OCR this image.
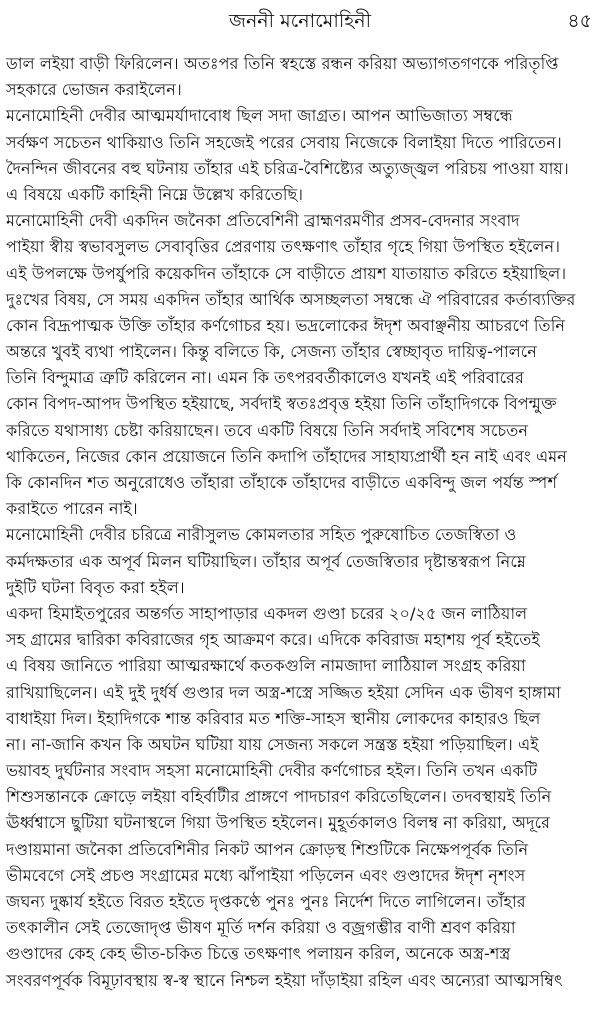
জননী মনোমোহিনী	৪৫
ডাল লইয়া বাড়ী ফিরিলেন। অতঃপর তিনি স্বহস্তে রন্ধন করিয়া অভ্যাগতগণকে পরিতৃপ্তি
সহকারে ভোজন করাইলেন।
মনোমোহিনী দেবীর আত্মমর্যাদাবোধ ছিল সদা জাগ্রত। আপন আভিজাত্য সম্বন্ধে
সর্বক্ষণ সচেতন থাকিয়াও তিনি সহজেই পরের সেবায় নিজেকে বিলাইয়া দিতে পারিতেন।
দৈনন্দিন জীবনের বহু ঘটনায় তাঁহার এই চরিত্র-বৈশিষ্ট্যের অত্যুজ্জ্বল পরিচয় পাওয়া যায়।
এ বিষয়ে একটি কাহিনী নিম্নে উল্লেখ করিতেছি।
মনোমোহিনী দেবী একদিন জনৈকা প্রতিবেশিনী ব্রাহ্মণরমণীর প্রসব-বেদনার সংবাদ
পাইয়া স্বীয় স্বভাবসুলভ সেবাবৃত্তির প্রেরণায় তৎক্ষণাৎ তাঁহার গৃহে গিয়া উপস্থিত হইলেন।
এই উপলক্ষে উপর্যুপরি কয়েকদিন তাঁহাকে সে বাড়ীতে প্রায়শ যাতায়াত করিতে হইয়াছিল।
দুঃখের বিষয়, সে সময় একদিন তাঁহার আর্থিক অসচ্ছলতা সম্বন্ধে ঐ পরিবারের কর্তাব্যক্তির
কোন বিদ্রূপাত্মক উক্তি তাঁহার কর্ণগোচর হয়। ভদ্রলোকের ঈদৃশ অবাঞ্ছনীয় আচরণে তিনি
অন্তরে খুবই ব্যথা পাইলেন। কিন্তু বলিতে কি, সেজন্য তাঁহার স্বেচ্ছাবৃত দায়িত্ব-পালনে
তিনি বিন্দুমাত্র ত্রুটি করিলেন না। এমন কি তৎপরবর্তীকালেও যখনই এই পরিবারের
কোন বিপদ-আপদ উপস্থিত হইয়াছে, সর্বদাই স্বতঃপ্রবৃত্ত হইয়া তিনি তাঁহাদিগকে বিপন্মুক্ত
করিতে যথাসাধ্য চেষ্টা করিয়াছেন। তবে একটি বিষয়ে তিনি সর্বদাই সবিশেষ সচেতন
থাকিতেন, নিজের কোন প্রয়োজনে তিনি কদাপি তাঁহাদের সাহায্যপ্রার্থী হন নাই এবং এমন
কি কোনদিন শত অনুরোধেও তাঁহারা তাঁহাকে তাঁহাদের বাড়ীতে একবিন্দু জল পর্যন্ত স্পর্শ
করাইতে পারেন নাই।
মনোমোহিনী দেবীর চরিত্রে নারীসুলভ কোমলতার সহিত পুরুষোচিত তেজস্বিতা ও
কর্মদক্ষতার এক অপূর্ব মিলন ঘটিয়াছিল। তাঁহার অপূর্ব তেজস্বিতার দৃষ্টান্তস্বরূপ নিম্নে
দুইটি ঘটনা বিবৃত করা হইল।
একদা হিমাইতপুরের অন্তর্গত সাহাপাড়ার একদল গুণ্ডা চরের ২০/২৫ জন লাঠিয়াল
সহ গ্রামের দ্বারিকা কবিরাজের গৃহ আক্রমণ করে। এদিকে কবিরাজ মহাশয় পূর্ব হইতেই
এ বিষয় জানিতে পারিয়া আত্মরক্ষার্থে কতকগুলি নামজাদা লাঠিয়াল সংগ্রহ করিয়া
রাখিয়াছিলেন। এই দুই দুর্ধর্ষ গুণ্ডার দল অস্ত্র-শস্ত্রে সজ্জিত হইয়া সেদিন এক ভীষণ হাঙ্গামা
বাধাইয়া দিল। ইহাদিগকে শান্ত করিবার মত শক্তি-সাহস স্থানীয় লোকদের কাহারও ছিল
না। না-জানি কখন কি অঘটন ঘটিয়া যায় সেজন্য সকলে সন্ত্রস্ত হইয়া পড়িয়াছিল। এই
ভয়াবহ দুর্ঘটনার সংবাদ সহসা মনোমোহিনী দেবীর কর্ণগোচর হইল। তিনি তখন একটি
শিশুসন্তানকে ক্রোড়ে লইয়া বহির্বাটীর প্রাঙ্গণে পাদচারণ করিতেছিলেন। তদবস্থায়ই তিনি
ঊর্ধ্বশ্বাসে ছুটিয়া ঘটনাস্থলে গিয়া উপস্থিত হইলেন। মুহূর্তকালও বিলম্ব না করিয়া, অদূরে
দণ্ডায়মানা জনৈকা প্রতিবেশিনীর নিকট আপন ক্রোড়স্থ শিশুটিকে নিক্ষেপপূর্বক তিনি
ভীমবেগে সেই প্রচণ্ড সংগ্রামের মধ্যে ঝাঁপাইয়া পড়িলেন এবং গুণ্ডাদের ঈদৃশ নৃশংস
জঘন্য দুষ্কার্য হইতে বিরত হইতে দৃপ্তকণ্ঠে পুনঃ পুনঃ নির্দেশ দিতে লাগিলেন। তাঁহার
তৎকালীন সেই তেজোদৃপ্ত ভীষণ মূর্তি দর্শন করিয়া ও বজ্রগম্ভীর বাণী শ্রবণ করিয়া
গুণ্ডাদের কেহ কেহ ভীত-চকিত চিত্তে তৎক্ষণাৎ পলায়ন করিল, অনেকে অস্ত্র-শস্ত্র
সংবরণপূর্বক বিমূঢ়াবস্থায় স্ব-স্ব স্থানে নিশ্চল হইয়া দাঁড়াইয়া রহিল এবং অন্যেরা আত্মসম্বিৎ
